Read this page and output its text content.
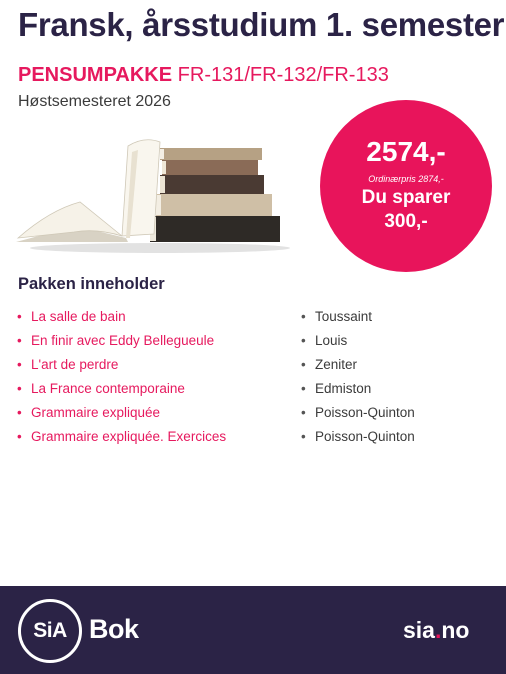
Fransk, årsstudium 1. semester
PENSUMPAKKE FR-131/FR-132/FR-133
Høstsemesteret 2026
2574,-
Ordinærpris 2874,-
Du sparer
300,-
Pakken inneholder
• La salle de bain
• En finir avec Eddy Bellegueule
• L'art de perdre
• La France contemporaine
• Grammaire expliquée
• Grammaire expliquée. Exercices
• Toussaint
• Louis
• Zeniter
• Edmiston
• Poisson-Quinton
• Poisson-Quinton
SiA Bok	sia.no
